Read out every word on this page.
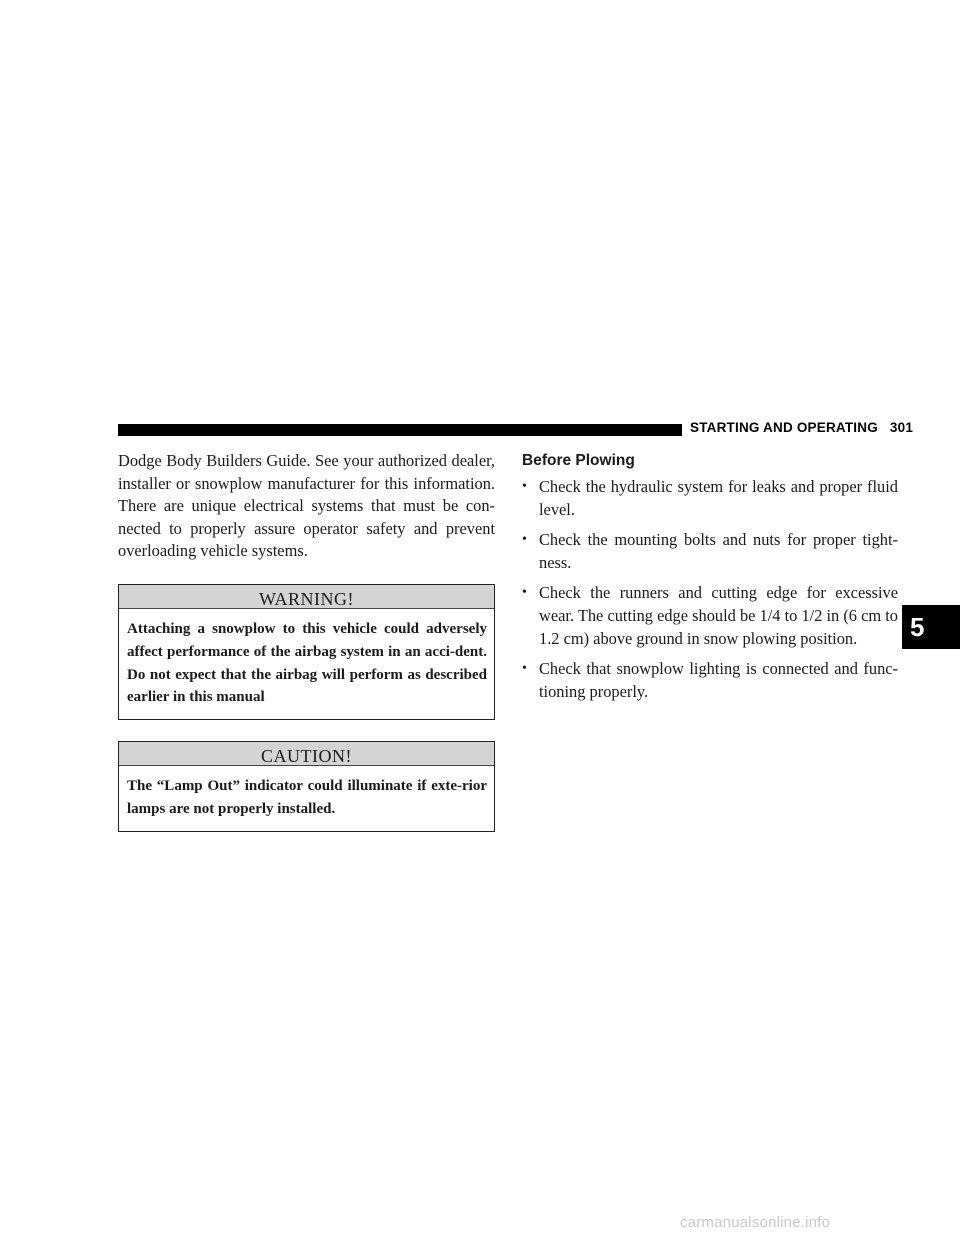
STARTING AND OPERATING 301
5

Dodge Body Builders Guide. See your authorized dealer, installer or snowplow manufacturer for this information. There are unique electrical systems that must be con-nected to properly assure operator safety and prevent overloading vehicle systems.

WARNING!
Attaching a snowplow to this vehicle could adversely affect performance of the airbag system in an acci-dent. Do not expect that the airbag will perform as described earlier in this manual
CAUTION!
The “Lamp Out” indicator could illuminate if exte-rior lamps are not properly installed.
Before Plowing
• Check the hydraulic system for leaks and proper fluid level.
• Check the mounting bolts and nuts for proper tight-ness.
• Check the runners and cutting edge for excessive wear. The cutting edge should be 1/4 to 1/2 in (6 cm to 1.2 cm) above ground in snow plowing position.
• Check that snowplow lighting is connected and func-tioning properly.
carmanualsonline.info
